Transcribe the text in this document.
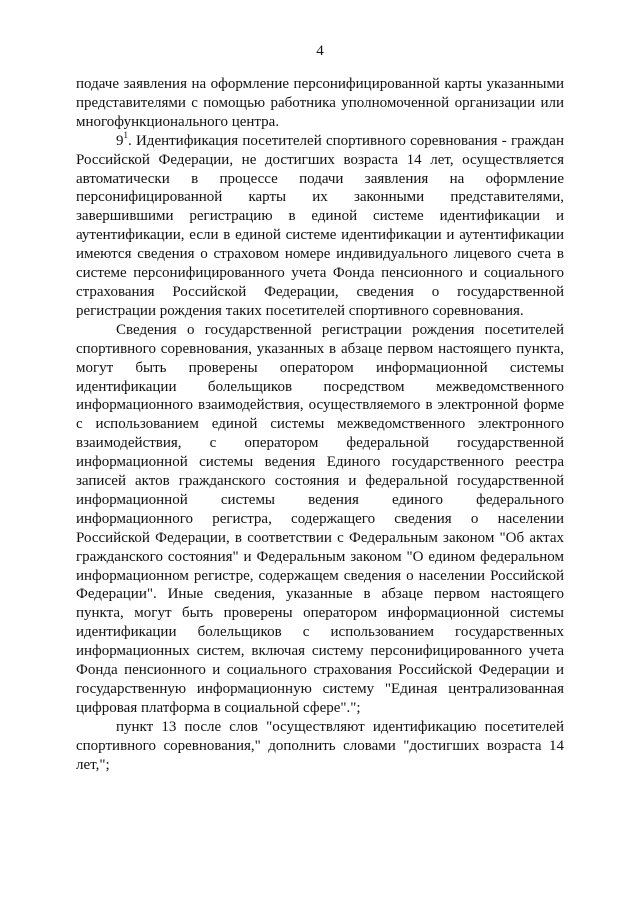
4

подаче заявления на оформление персонифицированной карты указанными представителями с помощью работника уполномоченной организации или многофункционального центра.

$9^1$. Идентификация посетителей спортивного соревнования - граждан Российской Федерации, не достигших возраста 14 лет, осуществляется автоматически в процессе подачи заявления на оформление персонифицированной карты их законными представителями, завершившими регистрацию в единой системе идентификации и аутентификации, если в единой системе идентификации и аутентификации имеются сведения о страховом номере индивидуального лицевого счета в системе персонифицированного учета Фонда пенсионного и социального страхования Российской Федерации, сведения о государственной регистрации рождения таких посетителей спортивного соревнования.

Сведения о государственной регистрации рождения посетителей спортивного соревнования, указанных в абзаце первом настоящего пункта, могут быть проверены оператором информационной системы идентификации болельщиков посредством межведомственного информационного взаимодействия, осуществляемого в электронной форме с использованием единой системы межведомственного электронного взаимодействия, с оператором федеральной государственной информационной системы ведения Единого государственного реестра записей актов гражданского состояния и федеральной государственной информационной системы ведения единого федерального информационного регистра, содержащего сведения о населении Российской Федерации, в соответствии с Федеральным законом "Об актах гражданского состояния" и Федеральным законом "О едином федеральном информационном регистре, содержащем сведения о населении Российской Федерации". Иные сведения, указанные в абзаце первом настоящего пункта, могут быть проверены оператором информационной системы идентификации болельщиков с использованием государственных информационных систем, включая систему персонифицированного учета Фонда пенсионного и социального страхования Российской Федерации и государственную информационную систему "Единая централизованная цифровая платформа в социальной сфере".";

пункт 13 после слов "осуществляют идентификацию посетителей спортивного соревнования," дополнить словами "достигших возраста 14 лет,";
